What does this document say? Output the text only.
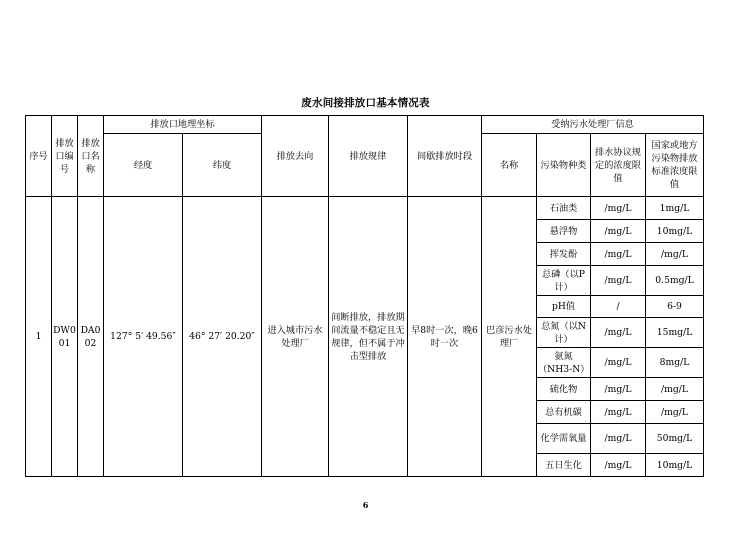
废水间接排放口基本情况表
序号	排放口编号	排放口名称	排放口地理坐标		排放去向	排放规律	间歇排放时段	受纳污水处理厂信息			
			经度	纬度				名称	污染物种类	排水协议规定的浓度限值	国家或地方污染物排放标准浓度限值
1	DW001	DA002	127° 5′ 49.56″	46° 27′ 20.20″	进入城市污水处理厂	间断排放，排放期间流量不稳定且无规律，但不属于冲击型排放	早8时一次，晚6时一次	巴彦污水处理厂	石油类	/mg/L	1mg/L
									悬浮物	/mg/L	10mg/L
									挥发酚	/mg/L	/mg/L
									总磷（以P计）	/mg/L	0.5mg/L
									pH值	/	6-9
									总氮（以N计）	/mg/L	15mg/L
									氨氮（NH3-N）	/mg/L	8mg/L
									硫化物	/mg/L	/mg/L
									总有机碳	/mg/L	/mg/L
									化学需氧量	/mg/L	50mg/L
									五日生化	/mg/L	10mg/L
6
